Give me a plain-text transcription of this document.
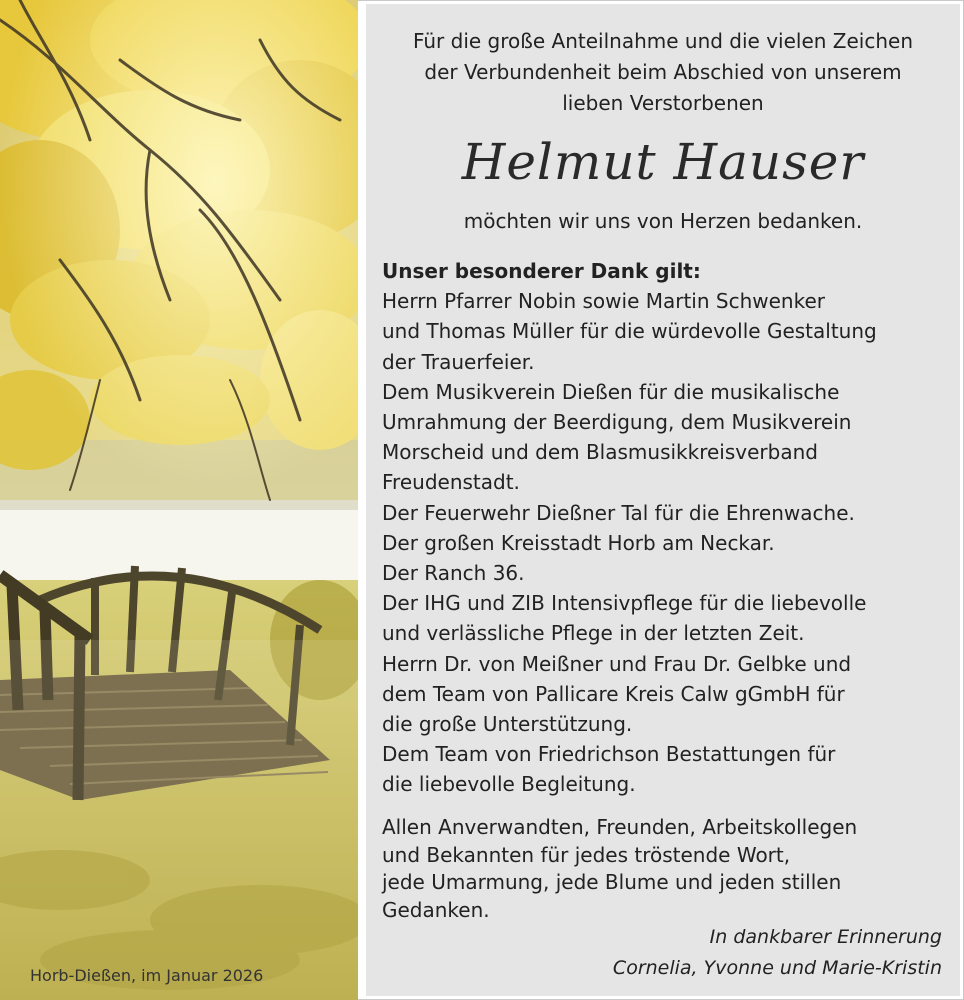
Horb-Dießen, im Januar 2026
Für die große Anteilnahme und die vielen Zeichen
der Verbundenheit beim Abschied von unserem
lieben Verstorbenen
Helmut Hauser
möchten wir uns von Herzen bedanken.
Unser besonderer Dank gilt:
Herrn Pfarrer Nobin sowie Martin Schwenker
und Thomas Müller für die würdevolle Gestaltung
der Trauerfeier.
Dem Musikverein Dießen für die musikalische
Umrahmung der Beerdigung, dem Musikverein
Morscheid und dem Blasmusikkreisverband
Freudenstadt.
Der Feuerwehr Dießner Tal für die Ehrenwache.
Der großen Kreisstadt Horb am Neckar.
Der Ranch 36.
Der IHG und ZIB Intensivpflege für die liebevolle
und verlässliche Pflege in der letzten Zeit.
Herrn Dr. von Meißner und Frau Dr. Gelbke und
dem Team von Pallicare Kreis Calw gGmbH für
die große Unterstützung.
Dem Team von Friedrichson Bestattungen für
die liebevolle Begleitung.
Allen Anverwandten, Freunden, Arbeitskollegen
und Bekannten für jedes tröstende Wort,
jede Umarmung, jede Blume und jeden stillen
Gedanken.
In dankbarer Erinnerung
Cornelia, Yvonne und Marie-Kristin
